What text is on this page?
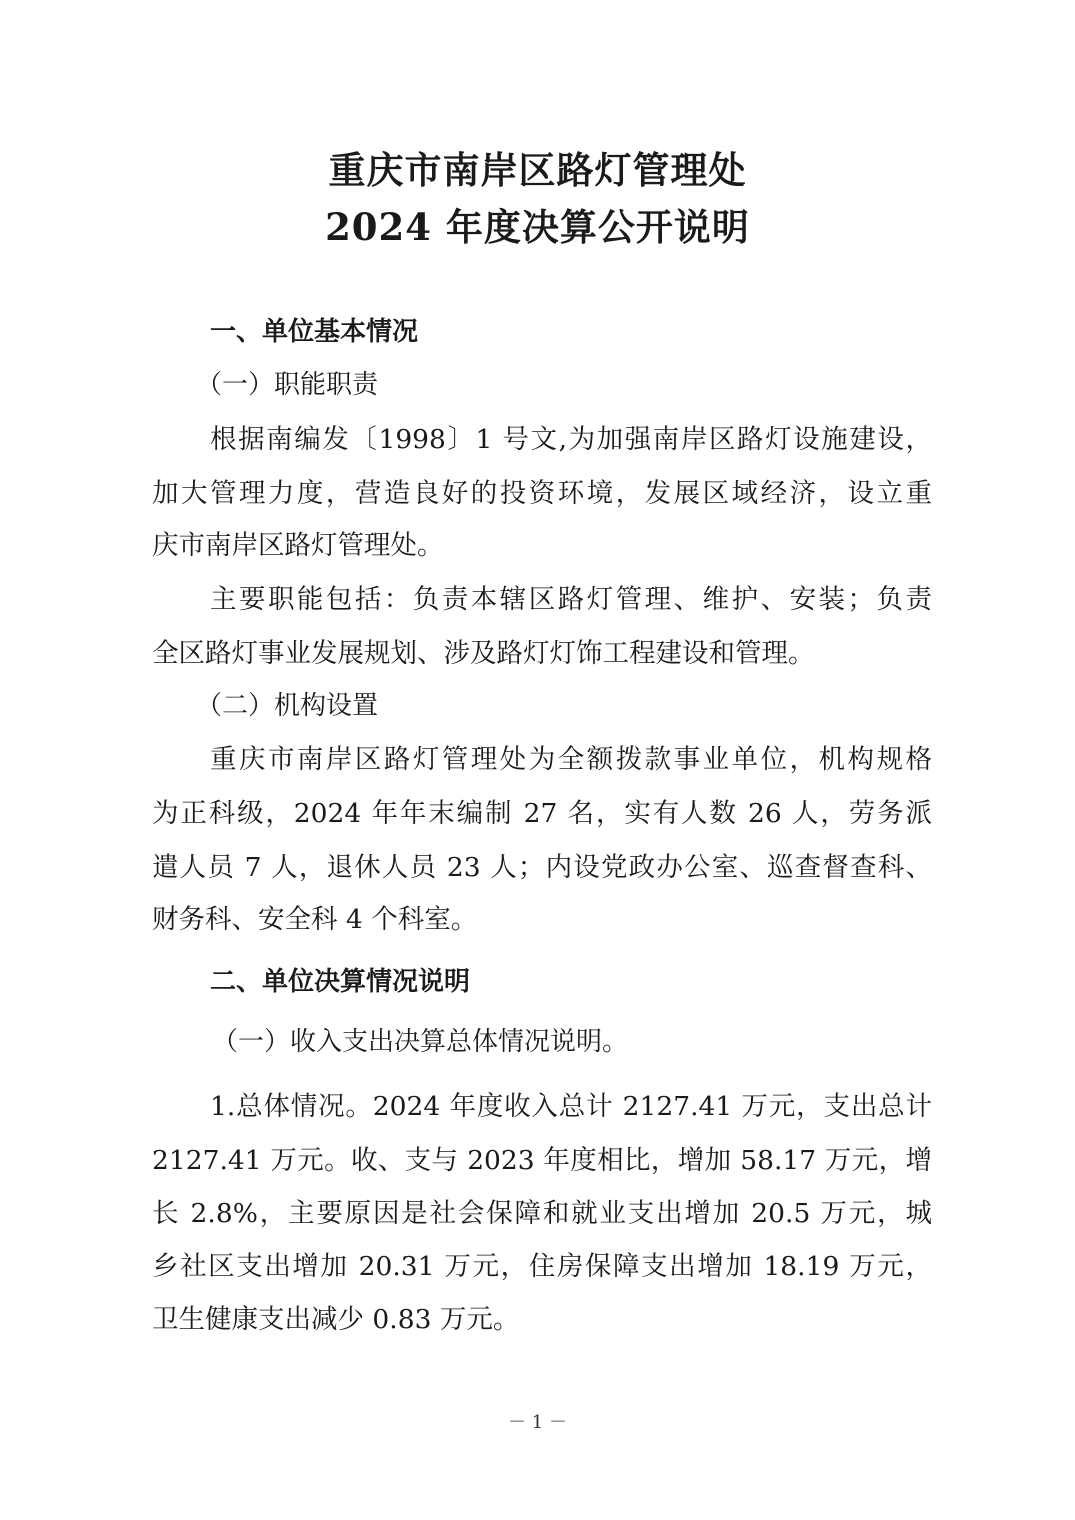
重庆市南岸区路灯管理处
2024 年度决算公开说明
一、单位基本情况
（一）职能职责
根据南编发〔1998〕1 号文,为加强南岸区路灯设施建设，
加大管理力度，营造良好的投资环境，发展区域经济，设立重
庆市南岸区路灯管理处。
主要职能包括：负责本辖区路灯管理、维护、安装；负责
全区路灯事业发展规划、涉及路灯灯饰工程建设和管理。
（二）机构设置
重庆市南岸区路灯管理处为全额拨款事业单位，机构规格
为正科级，2024 年年末编制 27 名，实有人数 26 人，劳务派
遣人员 7 人，退休人员 23 人；内设党政办公室、巡查督查科、
财务科、安全科 4 个科室。
二、单位决算情况说明
（一）收入支出决算总体情况说明。
1.总体情况。2024 年度收入总计 2127.41 万元，支出总计
2127.41 万元。收、支与 2023 年度相比，增加 58.17 万元，增
长 2.8%，主要原因是社会保障和就业支出增加 20.5 万元，城
乡社区支出增加 20.31 万元，住房保障支出增加 18.19 万元，
卫生健康支出减少 0.83 万元。
－ 1 －
